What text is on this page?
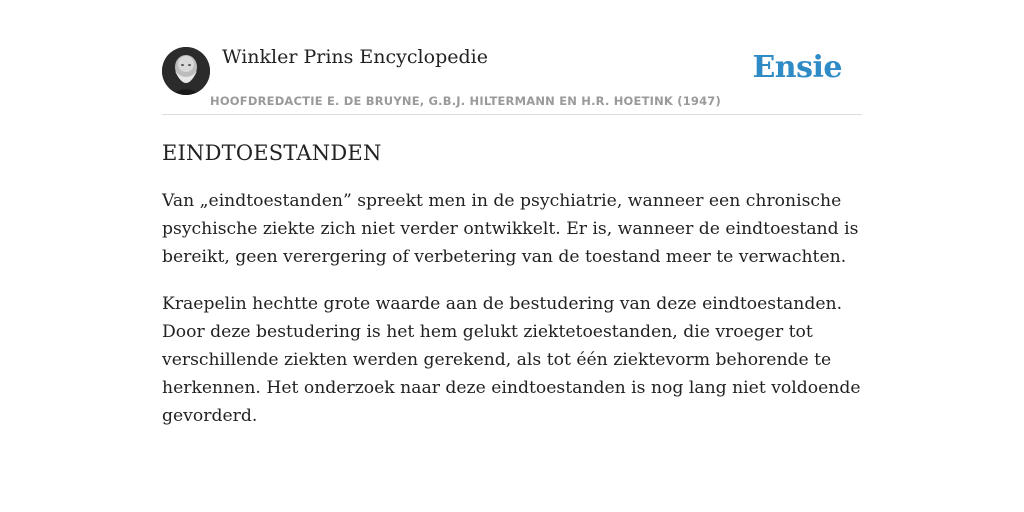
Winkler Prins Encyclopedie
HOOFDREDACTIE E. DE BRUYNE, G.B.J. HILTERMANN EN H.R. HOETINK (1947)
Ensie
EINDTOESTANDEN

Van „eindtoestanden” spreekt men in de psychiatrie, wanneer een chronische psychische ziekte zich niet verder ontwikkelt. Er is, wanneer de eindtoestand is bereikt, geen verergering of verbetering van de toestand meer te verwachten.

Kraepelin hechtte grote waarde aan de bestudering van deze eindtoestanden. Door deze bestudering is het hem gelukt ziektetoestanden, die vroeger tot verschillende ziekten werden gerekend, als tot één ziektevorm behorende te herkennen. Het onderzoek naar deze eindtoestanden is nog lang niet voldoende gevorderd.
